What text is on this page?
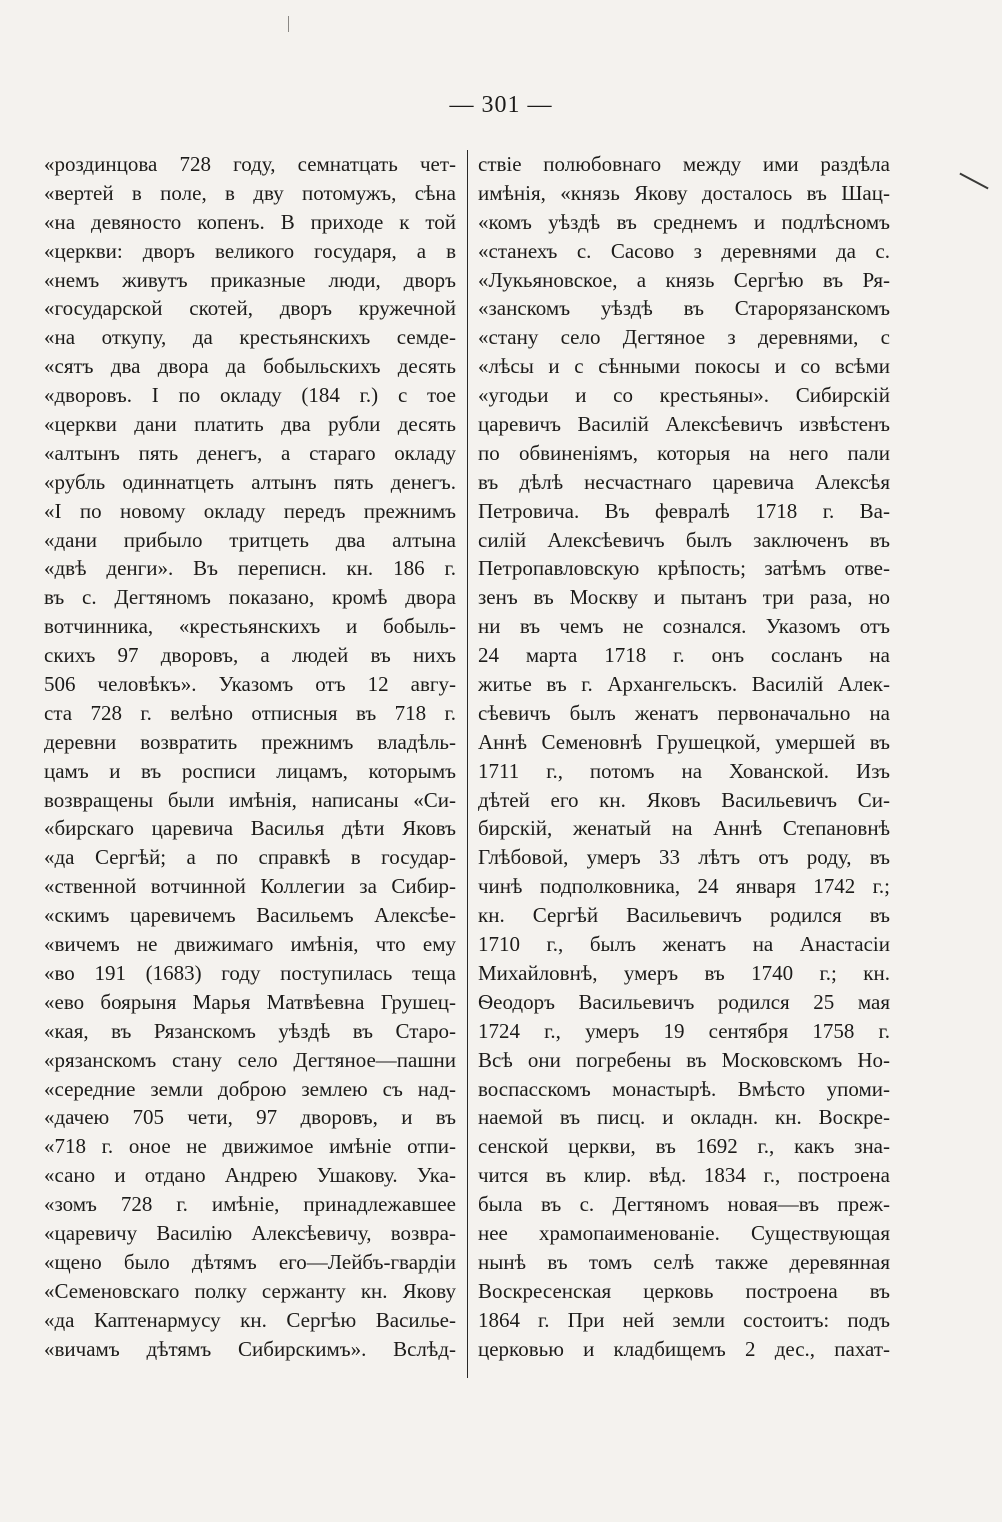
— 301 —
«роздинцова 728 году, семнатцать чет-
«вертей в поле, в дву потомужъ, сѣна
«на девяносто копенъ. В приходе к той
«церкви: дворъ великого государя, а в
«немъ живутъ приказные люди, дворъ
«государской скотей, дворъ кружечной
«на откупу, да крестьянскихъ семде-
«сятъ два двора да бобыльскихъ десять
«дворовъ. I по окладу (184 г.) с тое
«церкви дани платить два рубли десять
«алтынъ пять денегъ, а стараго окладу
«рубль одиннатцеть алтынъ пять денегъ.
«I по новому окладу передъ прежнимъ
«дани прибыло тритцеть два алтына
«двѣ денги». Въ переписн. кн. 186 г.
въ с. Дегтяномъ показано, кромѣ двора
вотчинника, «крестьянскихъ и бобыль-
скихъ 97 дворовъ, а людей въ нихъ
506 человѣкъ». Указомъ отъ 12 авгу-
ста 728 г. велѣно отписныя въ 718 г.
деревни возвратить прежнимъ владѣль-
цамъ и въ росписи лицамъ, которымъ
возвращены были имѣнія, написаны «Си-
«бирскаго царевича Василья дѣти Яковъ
«да Сергѣй; а по справкѣ в государ-
«ственной вотчинной Коллегии за Сибир-
«скимъ царевичемъ Васильемъ Алексѣе-
«вичемъ не движимаго имѣнія, что ему
«во 191 (1683) году поступилась теща
«ево боярыня Марья Матвѣевна Грушец-
«кая, въ Рязанскомъ уѣздѣ въ Старо-
«рязанскомъ стану село Дегтяное—пашни
«середние земли доброю землею съ над-
«дачею 705 чети, 97 дворовъ, и въ
«718 г. оное не движимое имѣніе отпи-
«сано и отдано Андрею Ушакову. Ука-
«зомъ 728 г. имѣніе, принадлежавшее
«царевичу Василію Алексѣевичу, возвра-
«щено было дѣтямъ его—Лейбъ-гвардіи
«Семеновскаго полку сержанту кн. Якову
«да Каптенармусу кн. Сергѣю Василье-
«вичамъ дѣтямъ Сибирскимъ». Вслѣд-
ствіе полюбовнаго между ими раздѣла
имѣнія, «князь Якову досталось въ Шац-
«комъ уѣздѣ въ среднемъ и подлѣсномъ
«станехъ с. Сасово з деревнями да с.
«Лукьяновское, а князь Сергѣю въ Ря-
«занскомъ уѣздѣ въ Старорязанскомъ
«стану село Дегтяное з деревнями, с
«лѣсы и с сѣнными покосы и со всѣми
«угодьи и со крестьяны». Сибирскій
царевичъ Василій Алексѣевичъ извѣстенъ
по обвиненіямъ, которыя на него пали
въ дѣлѣ несчастнаго царевича Алексѣя
Петровича. Въ февралѣ 1718 г. Ва-
силій Алексѣевичъ былъ заключенъ въ
Петропавловскую крѣпость; затѣмъ отве-
зенъ въ Москву и пытанъ три раза, но
ни въ чемъ не сознался. Указомъ отъ
24 марта 1718 г. онъ сосланъ на
житье въ г. Архангельскъ. Василій Алек-
сѣевичъ былъ женатъ первоначально на
Аннѣ Семеновнѣ Грушецкой, умершей въ
1711 г., потомъ на Хованской. Изъ
дѣтей его кн. Яковъ Васильевичъ Си-
бирскій, женатый на Аннѣ Степановнѣ
Глѣбовой, умеръ 33 лѣтъ отъ роду, въ
чинѣ подполковника, 24 января 1742 г.;
кн. Сергѣй Васильевичъ родился въ
1710 г., былъ женатъ на Анастасіи
Михайловнѣ, умеръ въ 1740 г.; кн.
Ѳеодоръ Васильевичъ родился 25 мая
1724 г., умеръ 19 сентября 1758 г.
Всѣ они погребены въ Московскомъ Но-
воспасскомъ монастырѣ. Вмѣсто упоми-
наемой въ писц. и окладн. кн. Воскре-
сенской церкви, въ 1692 г., какъ зна-
чится въ клир. вѣд. 1834 г., построена
была въ с. Дегтяномъ новая—въ преж-
нее храмопаименованіе. Существующая
нынѣ въ томъ селѣ также деревянная
Воскресенская церковь построена въ
1864 г. При ней земли состоитъ: подъ
церковью и кладбищемъ 2 дес., пахат-
